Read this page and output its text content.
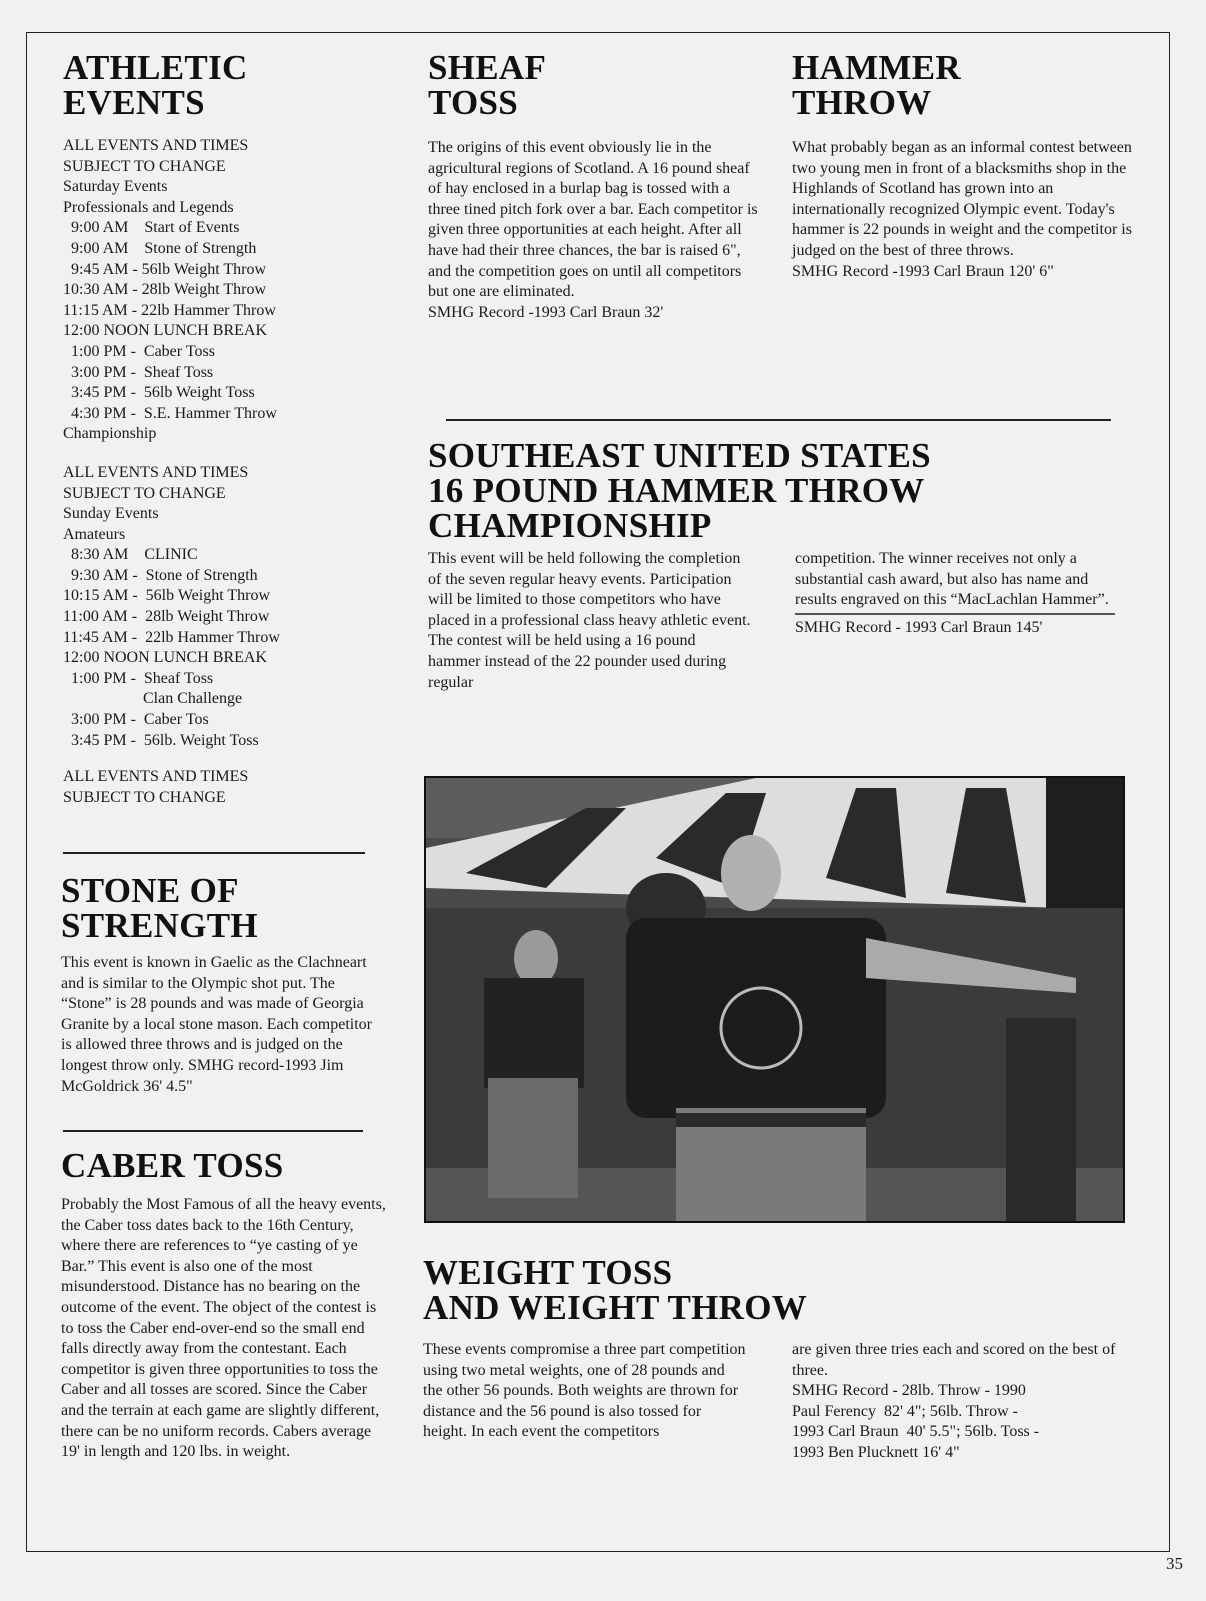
ATHLETIC
EVENTS
ALL EVENTS AND TIMES
SUBJECT TO CHANGE
Saturday Events
Professionals and Legends
9:00 AM    Start of Events
9:00 AM    Stone of Strength
9:45 AM - 56lb Weight Throw
10:30 AM - 28lb Weight Throw
11:15 AM - 22lb Hammer Throw
12:00 NOON LUNCH BREAK
1:00 PM -  Caber Toss
3:00 PM -  Sheaf Toss
3:45 PM -  56lb Weight Toss
4:30 PM -  S.E. Hammer Throw
Championship
ALL EVENTS AND TIMES
SUBJECT TO CHANGE
Sunday Events
Amateurs
8:30 AM    CLINIC
9:30 AM -  Stone of Strength
10:15 AM -  56lb Weight Throw
11:00 AM -  28lb Weight Throw
11:45 AM -  22lb Hammer Throw
12:00 NOON LUNCH BREAK
1:00 PM -  Sheaf Toss
Clan Challenge
3:00 PM -  Caber Tos
3:45 PM -  56lb. Weight Toss
ALL EVENTS AND TIMES
SUBJECT TO CHANGE
STONE OF
STRENGTH

This event is known in Gaelic as the Clachneart and is similar to the Olympic shot put. The “Stone” is 28 pounds and was made of Georgia Granite by a local stone mason. Each competitor is allowed three throws and is judged on the longest throw only. SMHG record-1993 Jim McGoldrick 36' 4.5"

CABER TOSS

Probably the Most Famous of all the heavy events, the Caber toss dates back to the 16th Century, where there are references to “ye casting of ye Bar.” This event is also one of the most misunderstood. Distance has no bearing on the outcome of the event. The object of the contest is to toss the Caber end-over-end so the small end falls directly away from the contestant. Each competitor is given three opportunities to toss the Caber and all tosses are scored. Since the Caber and the terrain at each game are slightly different, there can be no uniform records. Cabers average 19' in length and 120 lbs. in weight.

SHEAF
TOSS

The origins of this event obviously lie in the agricultural regions of Scotland. A 16 pound sheaf of hay enclosed in a burlap bag is tossed with a three tined pitch fork over a bar. Each competitor is given three opportunities at each height. After all have had their three chances, the bar is raised 6", and the competition goes on until all competitors but one are eliminated.

SMHG Record -1993 Carl Braun 32'

HAMMER
THROW

What probably began as an informal contest between two young men in front of a blacksmiths shop in the Highlands of Scotland has grown into an internationally recognized Olympic event. Today's hammer is 22 pounds in weight and the competitor is judged on the best of three throws.

SMHG Record -1993 Carl Braun 120' 6"

SOUTHEAST UNITED STATES
16 POUND HAMMER THROW
CHAMPIONSHIP

This event will be held following the completion of the seven regular heavy events. Participation will be limited to those competitors who have placed in a professional class heavy athletic event. The contest will be held using a 16 pound hammer instead of the 22 pounder used during regular

competition. The winner receives not only a substantial cash award, but also has name and results engraved on this “MacLachlan Hammer”.

SMHG Record - 1993 Carl Braun 145'

WEIGHT TOSS
AND WEIGHT THROW

These events compromise a three part competition using two metal weights, one of 28 pounds and the other 56 pounds. Both weights are thrown for distance and the 56 pound is also tossed for height. In each event the competitors

are given three tries each and scored on the best of three.

SMHG Record - 28lb. Throw - 1990
Paul Ferency  82' 4"; 56lb. Throw -
1993 Carl Braun  40' 5.5"; 56lb. Toss -
1993 Ben Plucknett 16' 4"
35
